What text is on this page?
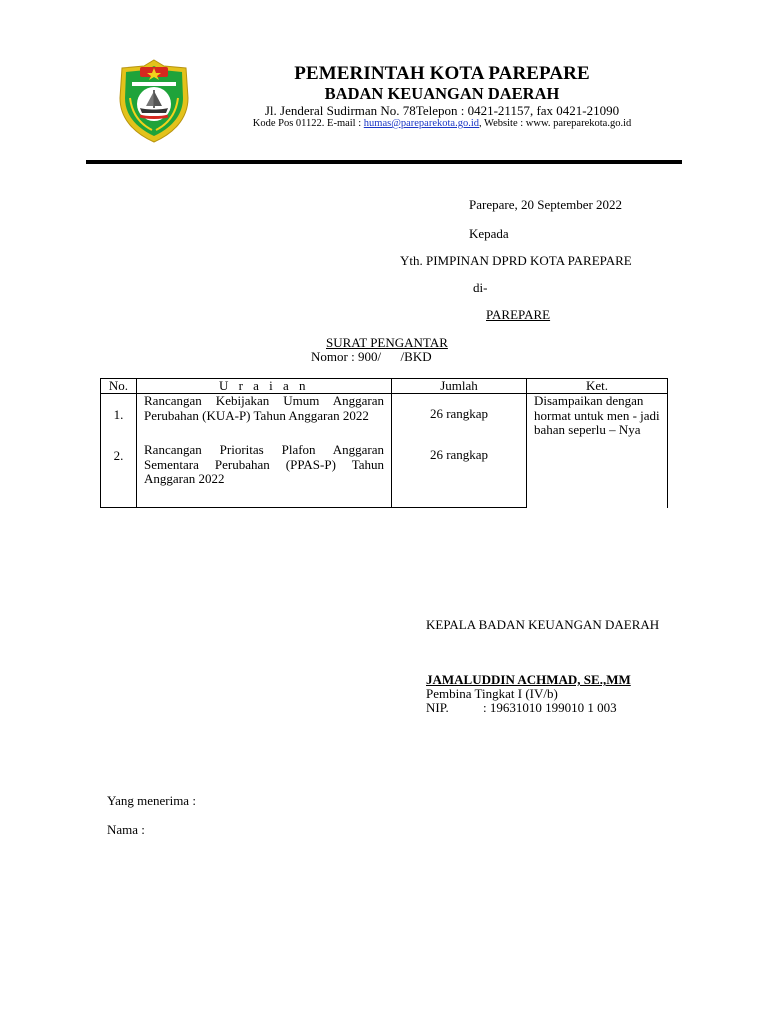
PEMERINTAH KOTA PAREPARE
BADAN KEUANGAN DAERAH
Jl. Jenderal Sudirman No. 78Telepon : 0421-21157, fax 0421-21090
Kode Pos 01122. E-mail : humas@pareparekota.go.id, Website : www. pareparekota.go.id
Parepare, 20 September 2022
Kepada
Yth. PIMPINAN DPRD KOTA PAREPARE
di-
PAREPARE
SURAT PENGANTAR
Nomor : 900/      /BKD
No.	U r a i a n	Jumlah	Ket.
1.	Rancangan Kebijakan Umum Anggaran Perubahan (KUA-P) Tahun Anggaran 2022	26 rangkap	Disampaikan dengan hormat untuk men - jadi bahan seperlu – Nya
2.	Rancangan Prioritas Plafon Anggaran Sementara Perubahan (PPAS-P) Tahun Anggaran 2022	26 rangkap	
KEPALA BADAN KEUANGAN DAERAH
JAMALUDDIN ACHMAD, SE.,MM
Pembina Tingkat I (IV/b)
NIP.	: 19631010 199010 1 003
Yang menerima :
Nama :
